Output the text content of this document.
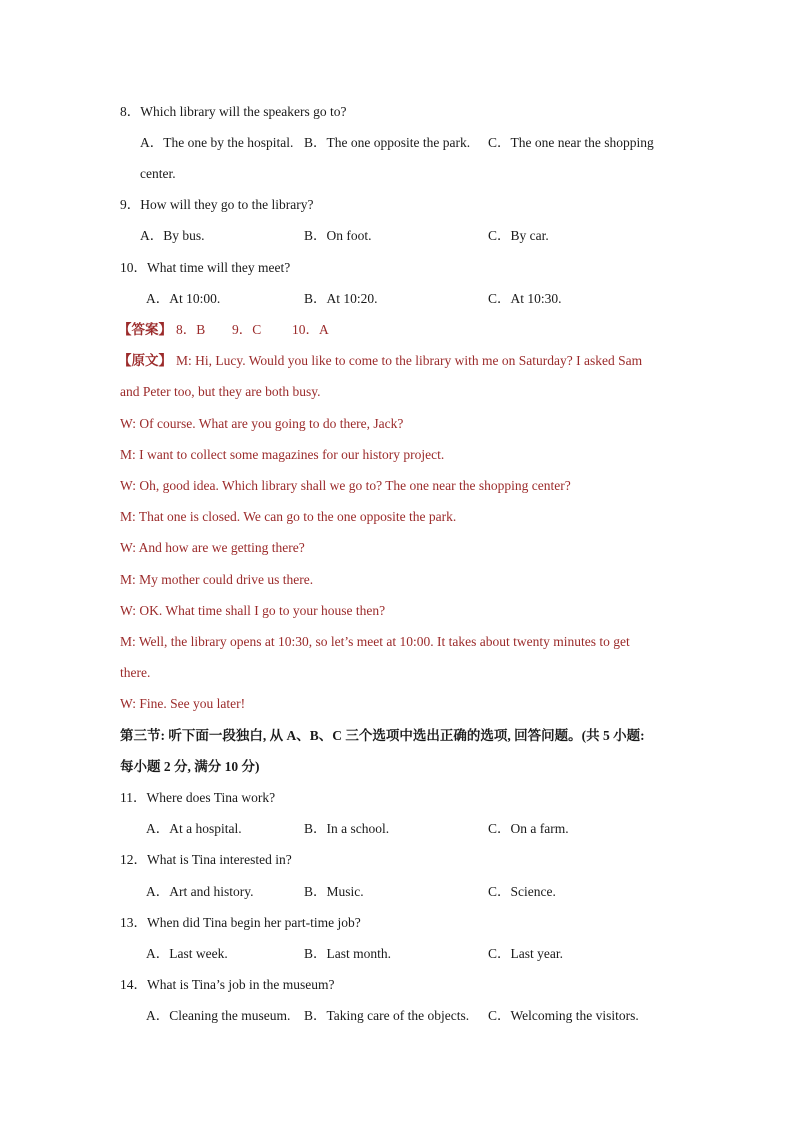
8．Which library will the speakers go to?
A．The one by the hospital. B．The one opposite the park. C．The one near the shopping
center.
9．How will they go to the library?
A．By bus.	B．On foot.	C．By car.
10．What time will they meet?
A．At 10:00.	B．At 10:20.	C．At 10:30.
【答案】 8．B 9．C 10．A
【原文】 M: Hi, Lucy. Would you like to come to the library with me on Saturday? I asked Sam
and Peter too, but they are both busy.
W: Of course. What are you going to do there, Jack?
M: I want to collect some magazines for our history project.
W: Oh, good idea. Which library shall we go to? The one near the shopping center?
M: That one is closed. We can go to the one opposite the park.
W: And how are we getting there?
M: My mother could drive us there.
W: OK. What time shall I go to your house then?
M: Well, the library opens at 10:30, so let’s meet at 10:00. It takes about twenty minutes to get
there.
W: Fine. See you later!
第三节: 听下面一段独白, 从 A、B、C 三个选项中选出正确的选项, 回答问题。(共 5 小题:
每小题 2 分, 满分 10 分)
11．Where does Tina work?
A．At a hospital.	B．In a school.	C．On a farm.
12．What is Tina interested in?
A．Art and history.	B．Music.	C．Science.
13．When did Tina begin her part-time job?
A．Last week.	B．Last month.	C．Last year.
14．What is Tina’s job in the museum?
A．Cleaning the museum. B．Taking care of the objects. C．Welcoming the visitors.
